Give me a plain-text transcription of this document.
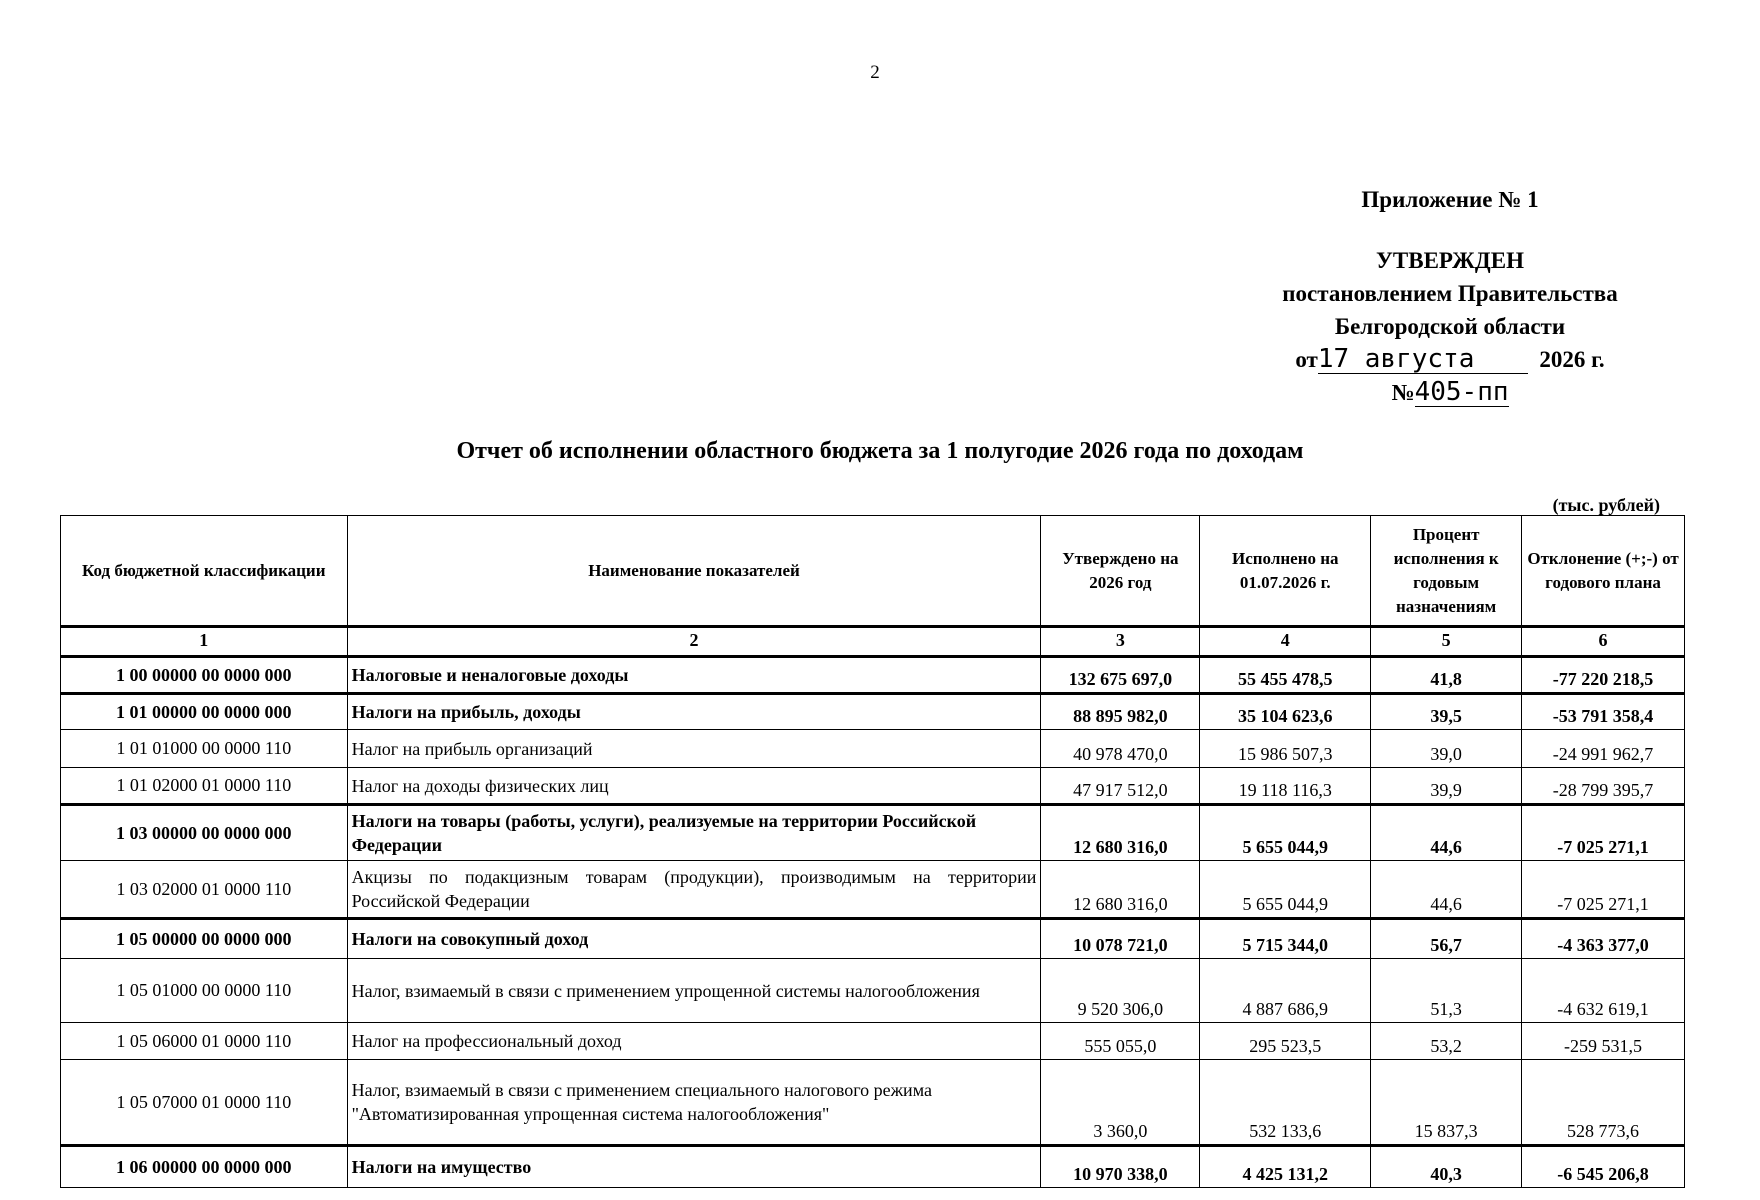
2
Приложение № 1
УТВЕРЖДЕН
постановлением Правительства
Белгородской области
от17 августа	2026 г.
№405-пп
Отчет об исполнении областного бюджета за 1 полугодие 2026 года по доходам
(тыс. рублей)
Код бюджетной классификации	Наименование показателей	Утверждено на 2026 год	Исполнено на 01.07.2026 г.	Процент исполнения к годовым назначениям	Отклонение (+;-) от годового плана
1	2	3	4	5	6
1 00 00000 00 0000 000	Налоговые и неналоговые доходы	132 675 697,0	55 455 478,5	41,8	-77 220 218,5
1 01 00000 00 0000 000	Налоги на прибыль, доходы	88 895 982,0	35 104 623,6	39,5	-53 791 358,4
1 01 01000 00 0000 110	Налог на прибыль организаций	40 978 470,0	15 986 507,3	39,0	-24 991 962,7
1 01 02000 01 0000 110	Налог на доходы физических лиц	47 917 512,0	19 118 116,3	39,9	-28 799 395,7
1 03 00000 00 0000 000	Налоги на товары (работы, услуги), реализуемые на территории Российской Федерации	12 680 316,0	5 655 044,9	44,6	-7 025 271,1
1 03 02000 01 0000 110	Акцизы по подакцизным товарам (продукции), производимым на территории Российской Федерации	12 680 316,0	5 655 044,9	44,6	-7 025 271,1
1 05 00000 00 0000 000	Налоги на совокупный доход	10 078 721,0	5 715 344,0	56,7	-4 363 377,0
1 05 01000 00 0000 110	Налог, взимаемый в связи с применением упрощенной системы налогообложения	9 520 306,0	4 887 686,9	51,3	-4 632 619,1
1 05 06000 01 0000 110	Налог на профессиональный доход	555 055,0	295 523,5	53,2	-259 531,5
1 05 07000 01 0000 110	Налог, взимаемый в связи с применением специального налогового режима "Автоматизированная упрощенная система налогообложения"	3 360,0	532 133,6	15 837,3	528 773,6
1 06 00000 00 0000 000	Налоги на имущество	10 970 338,0	4 425 131,2	40,3	-6 545 206,8
